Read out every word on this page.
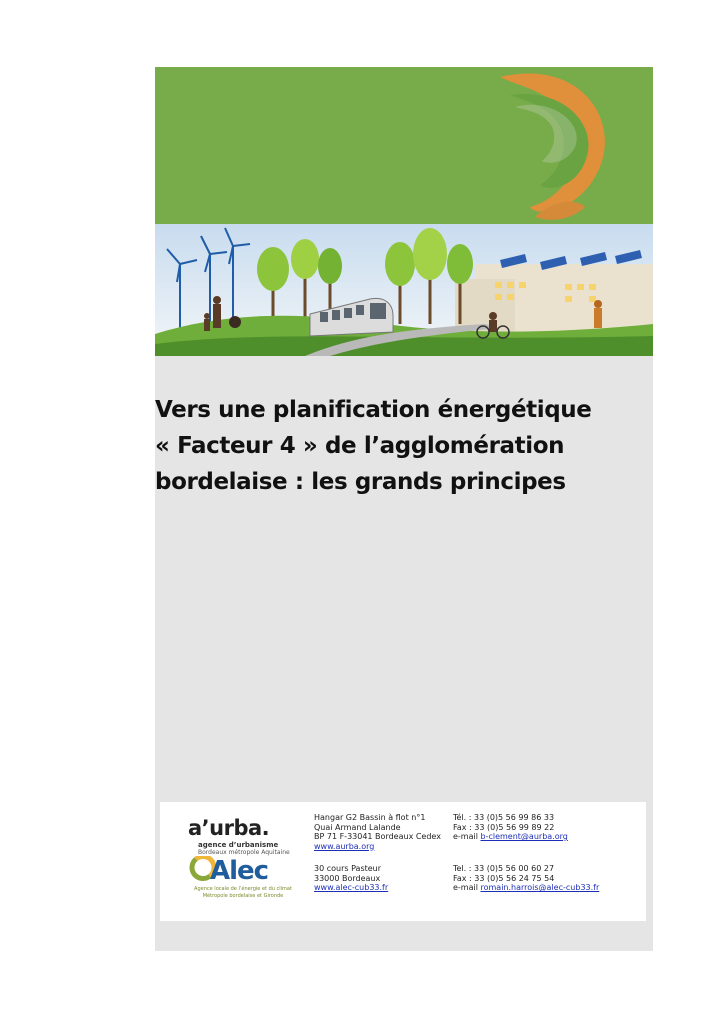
Vers une planification énergétique
« Facteur 4 » de l’agglomération
bordelaise : les grands principes
a’urba.
agence d’urbanisme
Bordeaux métropole Aquitaine
Alec
Agence locale de l’énergie et du climat
Métropole bordelaise et Gironde
Hangar G2 Bassin à flot n°1
Quai Armand Lalande
BP 71 F-33041 Bordeaux Cedex
www.aurba.org
Tél. : 33 (0)5 56 99 86 33
Fax : 33 (0)5 56 99 89 22
e-mail b-clement@aurba.org
30 cours Pasteur
33000 Bordeaux
www.alec-cub33.fr
Tel. : 33 (0)5 56 00 60 27
Fax : 33 (0)5 56 24 75 54
e-mail romain.harrois@alec-cub33.fr
